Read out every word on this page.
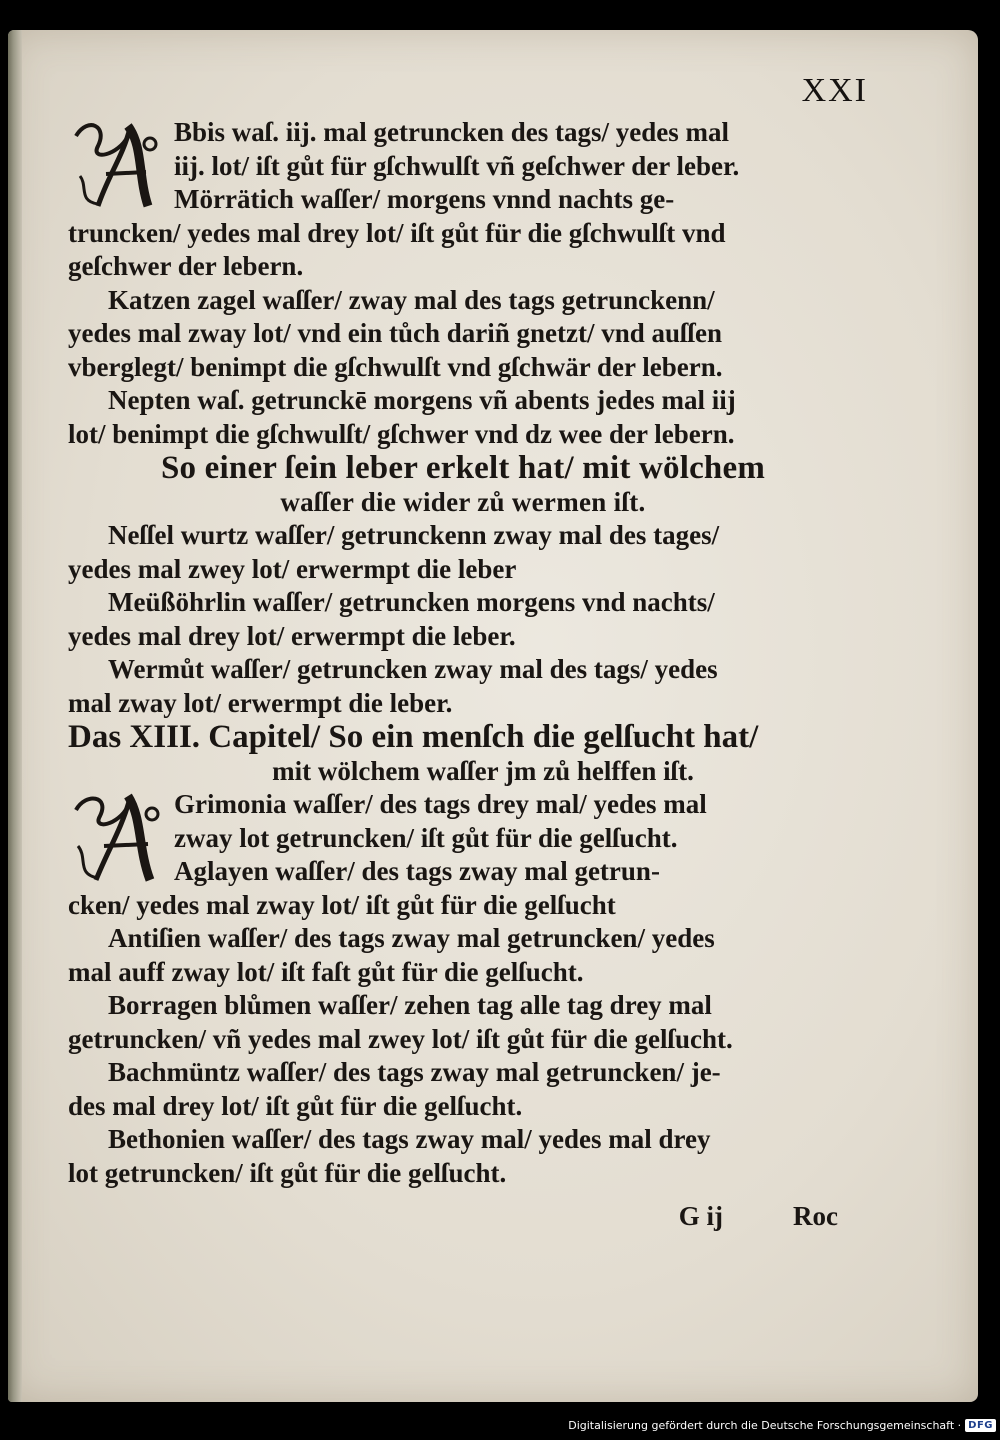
XXI

Bbis waſ. iij. mal getruncken des tags/ yedes mal

iij. lot/ iſt gůt für gſchwulſt vñ geſchwer der leber.

Mörrätich waſſer/ morgens vnnd nachts ge-

truncken/ yedes mal drey lot/ iſt gůt für die gſchwulſt vnd

geſchwer der lebern.

Katzen zagel waſſer/ zway mal des tags getrunckenn/

yedes mal zway lot/ vnd ein tůch dariñ gnetzt/ vnd auſſen

vberglegt/ benimpt die gſchwulſt vnd gſchwär der lebern.

Nepten waſ. getrunckē morgens vñ abents jedes mal iij

lot/ benimpt die gſchwulſt/ gſchwer vnd dz wee der lebern.

So einer ſein leber erkelt hat/ mit wölchem

waſſer die wider zů wermen iſt.

Neſſel wurtz waſſer/ getrunckenn zway mal des tages/

yedes mal zwey lot/ erwermpt die leber

Meüßöhrlin waſſer/ getruncken morgens vnd nachts/

yedes mal drey lot/ erwermpt die leber.

Wermůt waſſer/ getruncken zway mal des tags/ yedes

mal zway lot/ erwermpt die leber.

Das XIII. Capitel/ So ein menſch die gelſucht hat/

mit wölchem waſſer jm zů helffen iſt.

Grimonia waſſer/ des tags drey mal/ yedes mal

zway lot getruncken/ iſt gůt für die gelſucht.

Aglayen waſſer/ des tags zway mal getrun-

cken/ yedes mal zway lot/ iſt gůt für die gelſucht

Antiſien waſſer/ des tags zway mal getruncken/ yedes

mal auff zway lot/ iſt faſt gůt für die gelſucht.

Borragen blůmen waſſer/ zehen tag alle tag drey mal

getruncken/ vñ yedes mal zwey lot/ iſt gůt für die gelſucht.

Bachmüntz waſſer/ des tags zway mal getruncken/ je-

des mal drey lot/ iſt gůt für die gelſucht.

Bethonien waſſer/ des tags zway mal/ yedes mal drey

lot getruncken/ iſt gůt für die gelſucht.

G ij	Roc
Digitalisierung gefördert durch die Deutsche Forschungsgemeinschaft · DFG
